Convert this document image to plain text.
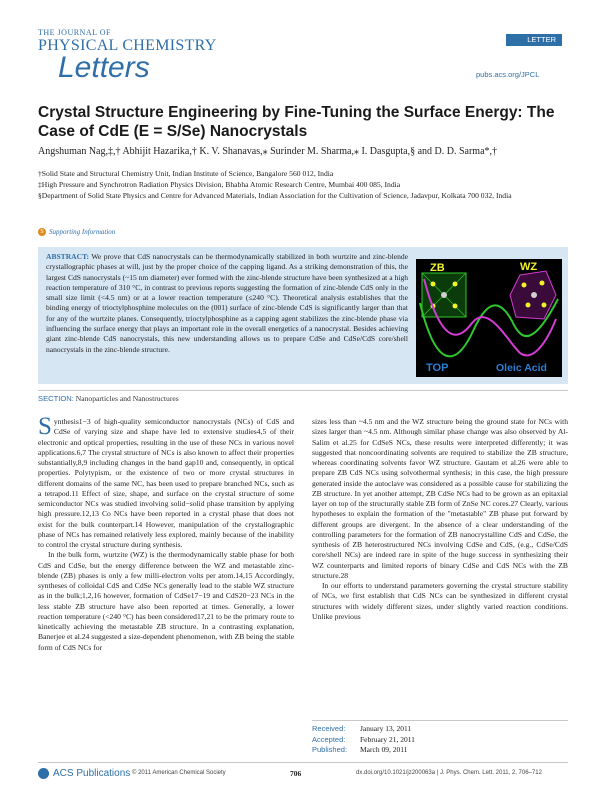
THE JOURNAL OF
PHYSICAL CHEMISTRY
Letters
LETTER
pubs.acs.org/JPCL
Crystal Structure Engineering by Fine-Tuning the Surface Energy: The Case of CdE (E = S/Se) Nanocrystals
Angshuman Nag,‡,† Abhijit Hazarika,† K. V. Shanavas,⁎ Surinder M. Sharma,⁎ I. Dasgupta,§ and D. D. Sarma*,†

†Solid State and Structural Chemistry Unit, Indian Institute of Science, Bangalore 560 012, India

‡High Pressure and Synchrotron Radiation Physics Division, Bhabha Atomic Research Centre, Mumbai 400 085, India

§Department of Solid State Physics and Centre for Advanced Materials, Indian Association for the Cultivation of Science, Jadavpur, Kolkata 700 032, India

S Supporting Information
ABSTRACT: We prove that CdS nanocrystals can be thermodynamically stabilized in both wurtzite and zinc-blende crystallographic phases at will, just by the proper choice of the capping ligand. As a striking demonstration of this, the largest CdS nanocrystals (~15 nm diameter) ever formed with the zinc-blende structure have been synthesized at a high reaction temperature of 310 °C, in contrast to previous reports suggesting the formation of zinc-blende CdS only in the small size limit (<4.5 nm) or at a lower reaction temperature (≤240 °C). Theoretical analysis establishes that the binding energy of trioctylphosphine molecules on the (001) surface of zinc-blende CdS is significantly larger than that for any of the wurtzite planes. Consequently, trioctylphosphine as a capping agent stabilizes the zinc-blende phase via influencing the surface energy that plays an important role in the overall energetics of a nanocrystal. Besides achieving giant zinc-blende CdS nanocrystals, this new understanding allows us to prepare CdSe and CdSe/CdS core/shell nanocrystals in the zinc-blende structure.
ZB	WZ
TOP	Oleic Acid
SECTION: Nanoparticles and Nanostructures

Synthesis1−3 of high-quality semiconductor nanocrystals (NCs) of CdS and CdSe of varying size and shape have led to extensive studies4,5 of their electronic and optical properties, resulting in the use of these NCs in various novel applications.6,7 The crystal structure of NCs is also known to affect their properties substantially,8,9 including changes in the band gap10 and, consequently, in optical properties. Polytypism, or the existence of two or more crystal structures in different domains of the same NC, has been used to prepare branched NCs, such as a tetrapod.11 Effect of size, shape, and surface on the crystal structure of some semiconductor NCs was studied involving solid−solid phase transition by applying high pressure.12,13 Co NCs have been reported in a crystal phase that does not exist for the bulk counterpart.14 However, manipulation of the crystallographic phase of NCs has remained relatively less explored, mainly because of the inability to control the crystal structure during synthesis.

In the bulk form, wurtzite (WZ) is the thermodynamically stable phase for both CdS and CdSe, but the energy difference between the WZ and metastable zinc-blende (ZB) phases is only a few milli-electron volts per atom.14,15 Accordingly, syntheses of colloidal CdS and CdSe NCs generally lead to the stable WZ structure as in the bulk;1,2,16 however, formation of CdSe17−19 and CdS20−23 NCs in the less stable ZB structure have also been reported at times. Generally, a lower reaction temperature (<240 °C) has been considered17,21 to be the primary route to kinetically achieving the metastable ZB structure. In a contrasting explanation, Banerjee et al.24 suggested a size-dependent phenomenon, with ZB being the stable form of CdS NCs for

sizes less than ~4.5 nm and the WZ structure being the ground state for NCs with sizes larger than ~4.5 nm. Although similar phase change was also observed by Al-Salim et al.25 for CdSeS NCs, these results were interpreted differently; it was suggested that noncoordinating solvents are required to stabilize the ZB structure, whereas coordinating solvents favor WZ structure. Gautam et al.26 were able to prepare ZB CdS NCs using solvothermal synthesis; in this case, the high pressure generated inside the autoclave was considered as a possible cause for stabilizing the ZB structure. In yet another attempt, ZB CdSe NCs had to be grown as an epitaxial layer on top of the structurally stable ZB form of ZnSe NC cores.27 Clearly, various hypotheses to explain the formation of the "metastable" ZB phase put forward by different groups are divergent. In the absence of a clear understanding of the controlling parameters for the formation of ZB nanocrystalline CdS and CdSe, the synthesis of ZB heterostructured NCs involving CdSe and CdS, (e.g., CdSe/CdS core/shell NCs) are indeed rare in spite of the huge success in synthesizing their WZ counterparts and limited reports of binary CdSe and CdS NCs with the ZB structure.28

In our efforts to understand parameters governing the crystal structure stability of NCs, we first establish that CdS NCs can be synthesized in different crystal structures with widely different sizes, under slightly varied reaction conditions. Unlike previous

Received:	January 13, 2011
Accepted:	February 21, 2011
Published:	March 09, 2011
ACS Publications © 2011 American Chemical Society	706	dx.doi.org/10.1021/jz200063a | J. Phys. Chem. Lett. 2011, 2, 706–712
